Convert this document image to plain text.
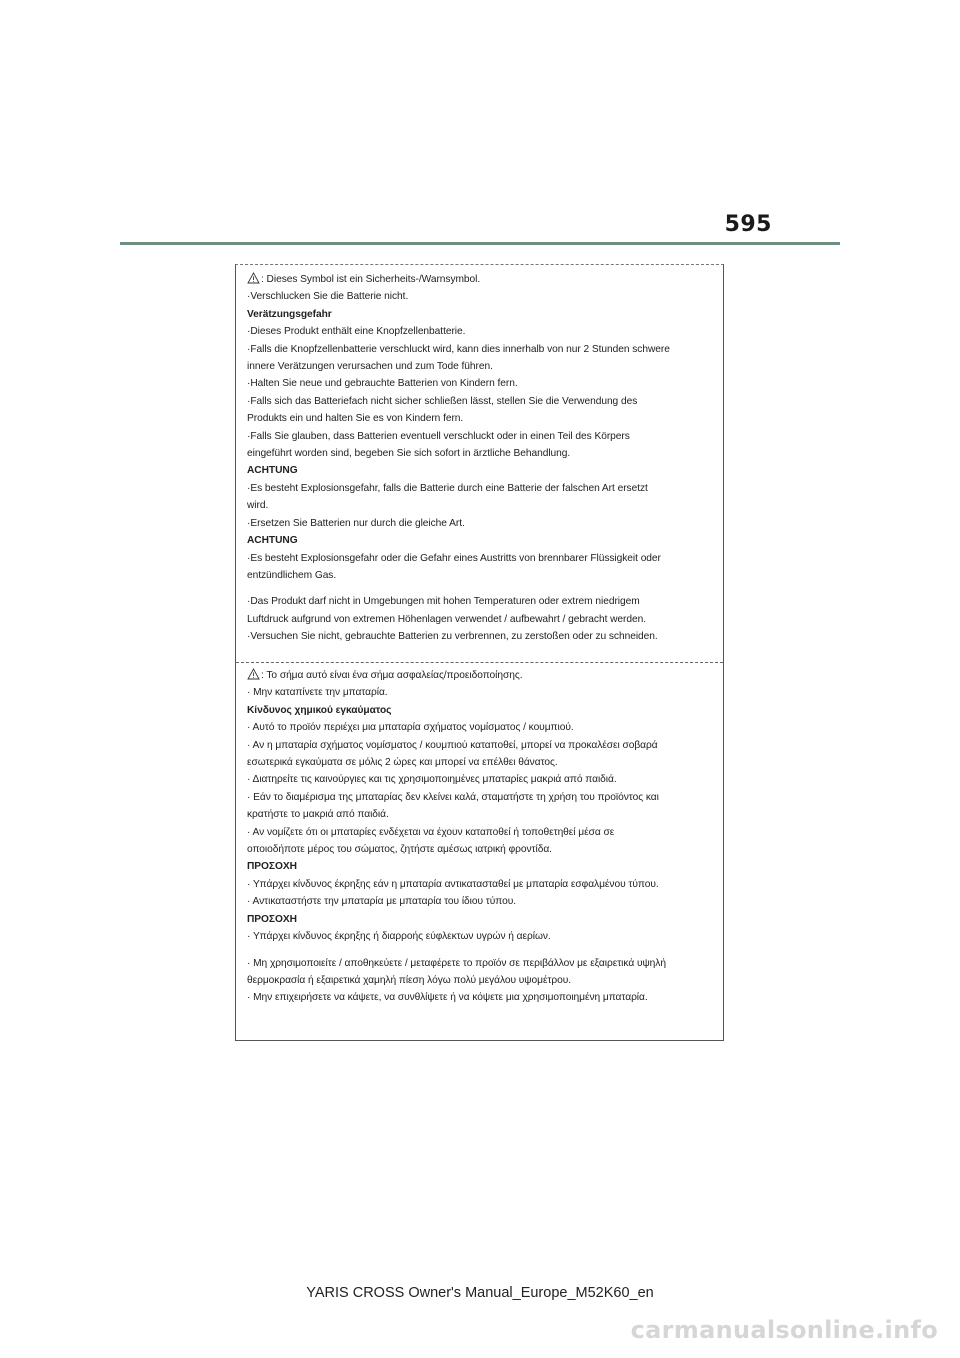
595
: Dieses Symbol ist ein Sicherheits-/Warnsymbol.
·Verschlucken Sie die Batterie nicht.
Verätzungsgefahr
·Dieses Produkt enthält eine Knopfzellenbatterie.
·Falls die Knopfzellenbatterie verschluckt wird, kann dies innerhalb von nur 2 Stunden schwere
innere Verätzungen verursachen und zum Tode führen.
·Halten Sie neue und gebrauchte Batterien von Kindern fern.
·Falls sich das Batteriefach nicht sicher schließen lässt, stellen Sie die Verwendung des
Produkts ein und halten Sie es von Kindern fern.
·Falls Sie glauben, dass Batterien eventuell verschluckt oder in einen Teil des Körpers
eingeführt worden sind, begeben Sie sich sofort in ärztliche Behandlung.
ACHTUNG
·Es besteht Explosionsgefahr, falls die Batterie durch eine Batterie der falschen Art ersetzt
wird.
·Ersetzen Sie Batterien nur durch die gleiche Art.
ACHTUNG
·Es besteht Explosionsgefahr oder die Gefahr eines Austritts von brennbarer Flüssigkeit oder
entzündlichem Gas.
·Das Produkt darf nicht in Umgebungen mit hohen Temperaturen oder extrem niedrigem
Luftdruck aufgrund von extremen Höhenlagen verwendet / aufbewahrt / gebracht werden.
·Versuchen Sie nicht, gebrauchte Batterien zu verbrennen, zu zerstoßen oder zu schneiden.
: Το σήμα αυτό είναι ένα σήμα ασφαλείας/προειδοποίησης.
· Μην καταπίνετε την μπαταρία.
Κίνδυνος χημικού εγκαύματος
· Αυτό το προϊόν περιέχει μια μπαταρία σχήματος νομίσματος / κουμπιού.
· Αν η μπαταρία σχήματος νομίσματος / κουμπιού καταποθεί, μπορεί να προκαλέσει σοβαρά
εσωτερικά εγκαύματα σε μόλις 2 ώρες και μπορεί να επέλθει θάνατος.
· Διατηρείτε τις καινούργιες και τις χρησιμοποιημένες μπαταρίες μακριά από παιδιά.
· Εάν το διαμέρισμα της μπαταρίας δεν κλείνει καλά, σταματήστε τη χρήση του προϊόντος και
κρατήστε το μακριά από παιδιά.
· Αν νομίζετε ότι οι μπαταρίες ενδέχεται να έχουν καταποθεί ή τοποθετηθεί μέσα σε
οποιοδήποτε μέρος του σώματος, ζητήστε αμέσως ιατρική φροντίδα.
ΠΡΟΣΟΧΗ
· Υπάρχει κίνδυνος έκρηξης εάν η μπαταρία αντικατασταθεί με μπαταρία εσφαλμένου τύπου.
· Αντικαταστήστε την μπαταρία με μπαταρία του ίδιου τύπου.
ΠΡΟΣΟΧΗ
· Υπάρχει κίνδυνος έκρηξης ή διαρροής εύφλεκτων υγρών ή αερίων.
· Μη χρησιμοποιείτε / αποθηκεύετε / μεταφέρετε το προϊόν σε περιβάλλον με εξαιρετικά υψηλή
θερμοκρασία ή εξαιρετικά χαμηλή πίεση λόγω πολύ μεγάλου υψομέτρου.
· Μην επιχειρήσετε να κάψετε, να συνθλίψετε ή να κόψετε μια χρησιμοποιημένη μπαταρία.
YARIS CROSS Owner's Manual_Europe_M52K60_en
carmanualsonline.info
